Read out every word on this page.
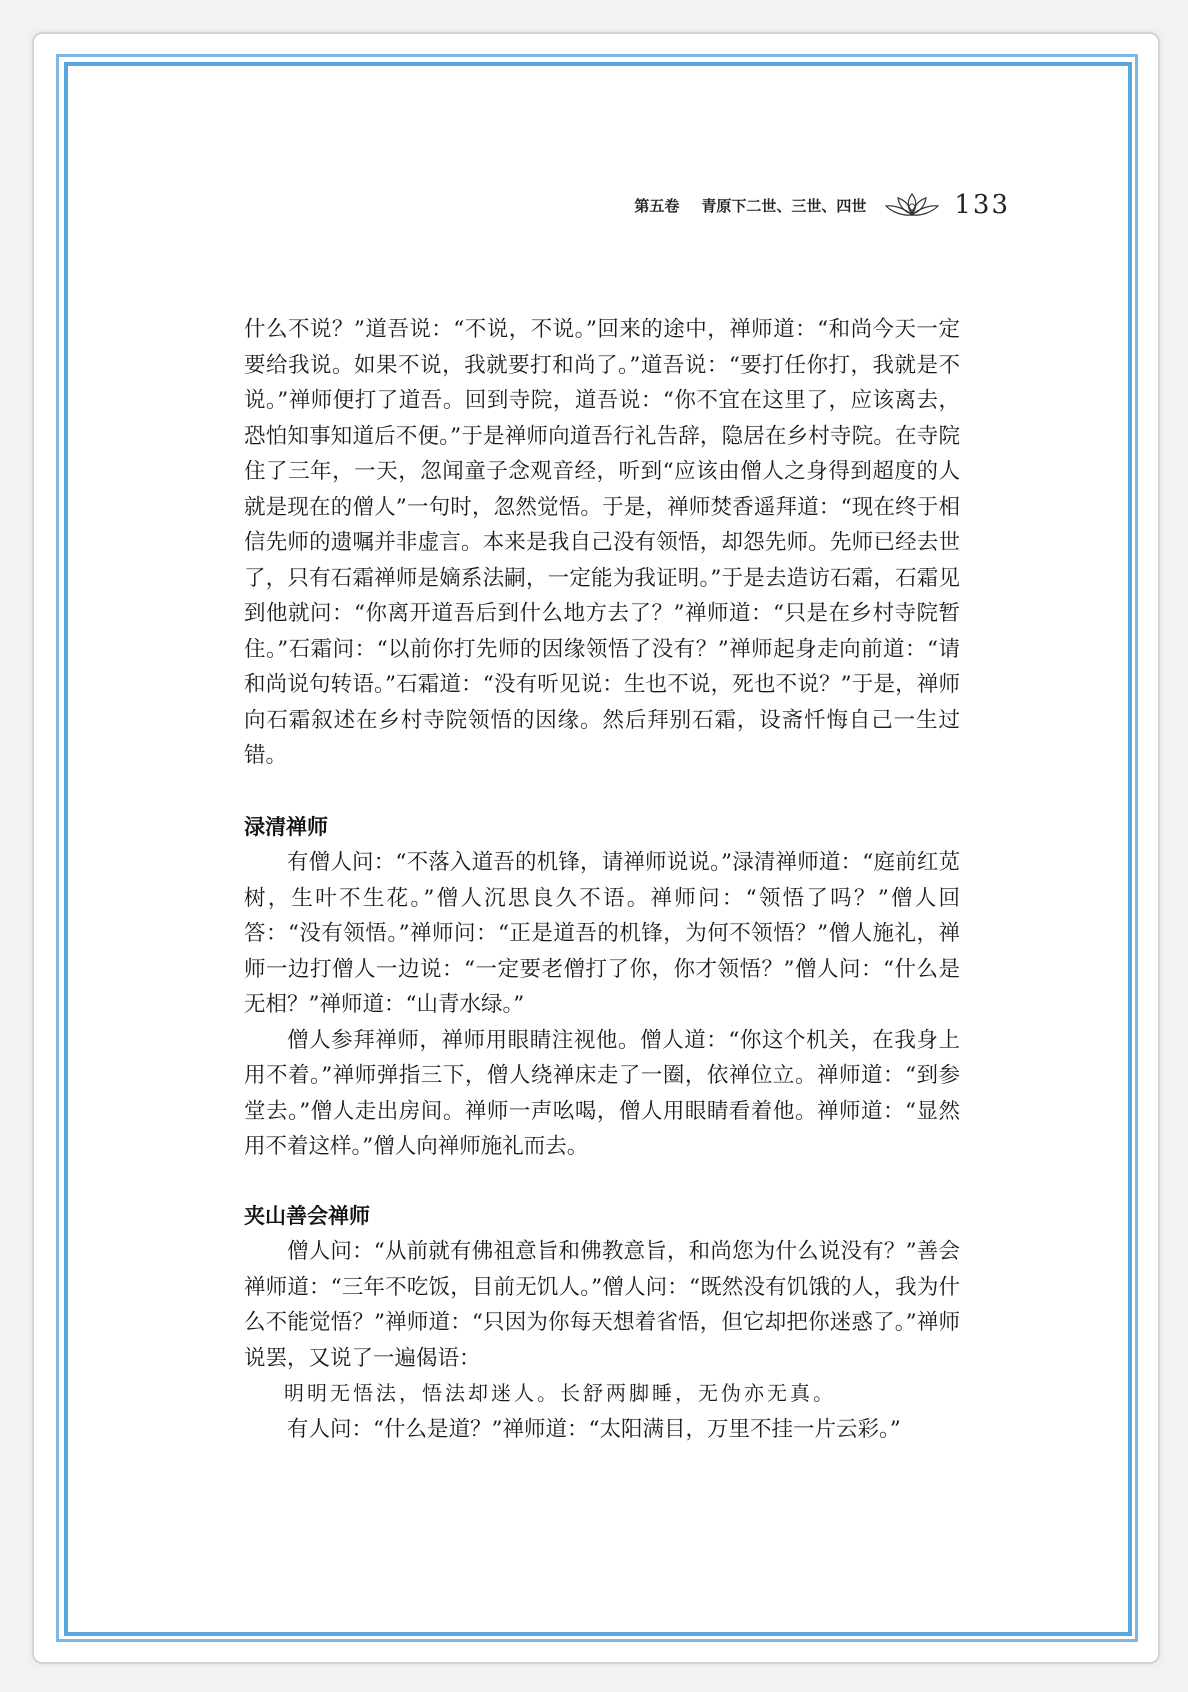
第五卷 青原下二世、三世、四世	133

什么不说？”道吾说：“不说，不说。”回来的途中，禅师道：“和尚今天一定要给我说。如果不说，我就要打和尚了。”道吾说：“要打任你打，我就是不说。”禅师便打了道吾。回到寺院，道吾说：“你不宜在这里了，应该离去，恐怕知事知道后不便。”于是禅师向道吾行礼告辞，隐居在乡村寺院。在寺院住了三年，一天，忽闻童子念观音经，听到“应该由僧人之身得到超度的人就是现在的僧人”一句时，忽然觉悟。于是，禅师焚香遥拜道：“现在终于相信先师的遗嘱并非虚言。本来是我自己没有领悟，却怨先师。先师已经去世了，只有石霜禅师是嫡系法嗣，一定能为我证明。”于是去造访石霜，石霜见到他就问：“你离开道吾后到什么地方去了？”禅师道：“只是在乡村寺院暂住。”石霜问：“以前你打先师的因缘领悟了没有？”禅师起身走向前道：“请和尚说句转语。”石霜道：“没有听见说：生也不说，死也不说？”于是，禅师向石霜叙述在乡村寺院领悟的因缘。然后拜别石霜，设斋忏悔自己一生过错。

渌清禅师

有僧人问：“不落入道吾的机锋，请禅师说说。”渌清禅师道：“庭前红苋树，生叶不生花。”僧人沉思良久不语。禅师问：“领悟了吗？”僧人回答：“没有领悟。”禅师问：“正是道吾的机锋，为何不领悟？”僧人施礼，禅师一边打僧人一边说：“一定要老僧打了你，你才领悟？”僧人问：“什么是无相？”禅师道：“山青水绿。”

僧人参拜禅师，禅师用眼睛注视他。僧人道：“你这个机关，在我身上用不着。”禅师弹指三下，僧人绕禅床走了一圈，依禅位立。禅师道：“到参堂去。”僧人走出房间。禅师一声吆喝，僧人用眼睛看着他。禅师道：“显然用不着这样。”僧人向禅师施礼而去。

夹山善会禅师

僧人问：“从前就有佛祖意旨和佛教意旨，和尚您为什么说没有？”善会禅师道：“三年不吃饭，目前无饥人。”僧人问：“既然没有饥饿的人，我为什么不能觉悟？”禅师道：“只因为你每天想着省悟，但它却把你迷惑了。”禅师说罢，又说了一遍偈语：

明明无悟法，悟法却迷人。长舒两脚睡，无伪亦无真。

有人问：“什么是道？”禅师道：“太阳满目，万里不挂一片云彩。”
